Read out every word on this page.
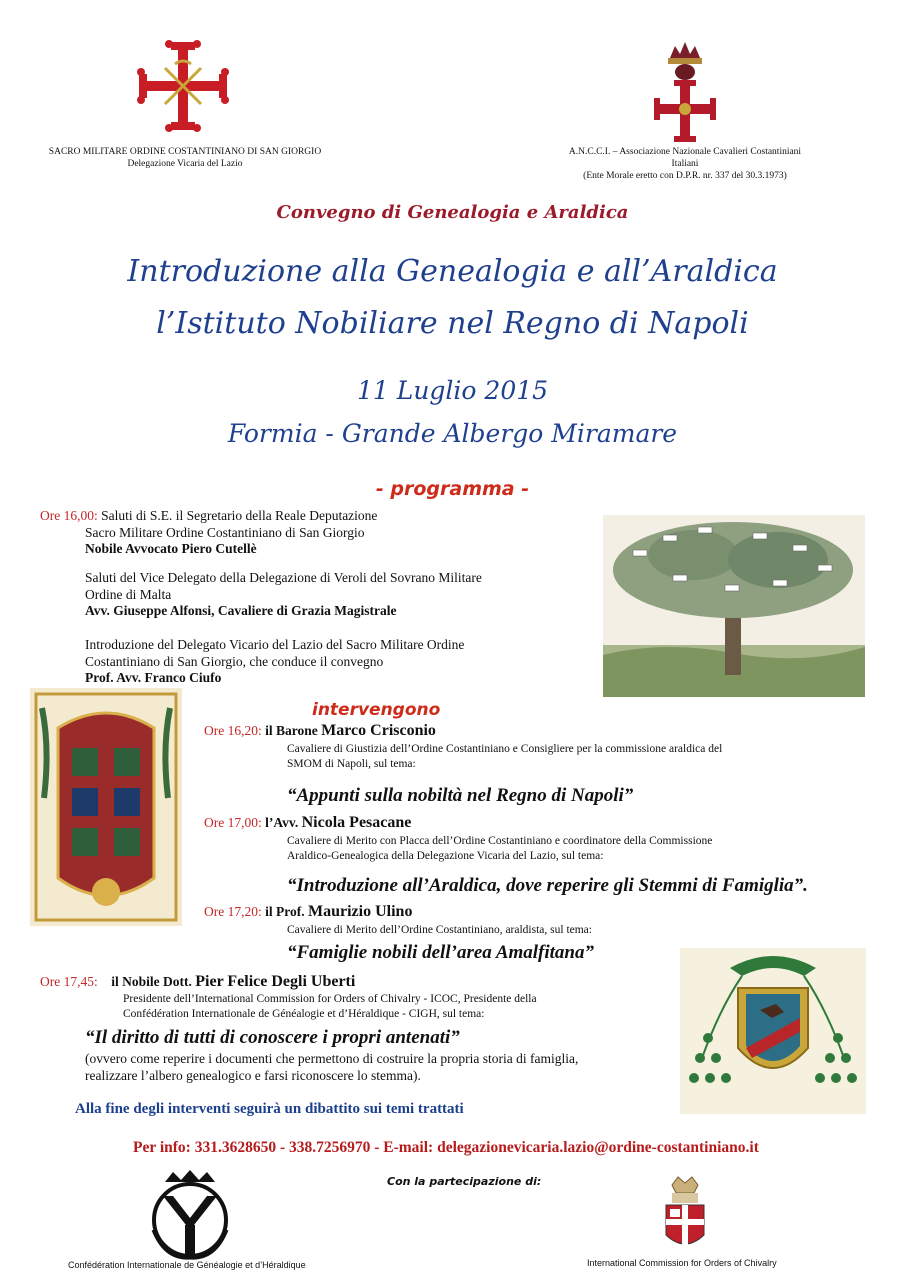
SACRO MILITARE ORDINE COSTANTINIANO DI SAN GIORGIO
Delegazione Vicaria del Lazio
A.N.C.C.I. – Associazione Nazionale Cavalieri Costantiniani Italiani
(Ente Morale eretto con D.P.R. nr. 337 del 30.3.1973)
Convegno di Genealogia e Araldica
Introduzione alla Genealogia e all’Araldica
l’Istituto Nobiliare nel Regno di Napoli
11 Luglio 2015
Formia - Grande Albergo Miramare
- programma -
Ore 16,00: Saluti di S.E. il Segretario della Reale Deputazione
Sacro Militare Ordine Costantiniano di San Giorgio
Nobile Avvocato Piero Cutellè
Saluti del Vice Delegato della Delegazione di Veroli del Sovrano Militare
Ordine di Malta
Avv. Giuseppe Alfonsi, Cavaliere di Grazia Magistrale
Introduzione del Delegato Vicario del Lazio del Sacro Militare Ordine
Costantiniano di San Giorgio, che conduce il convegno
Prof. Avv. Franco Ciufo
intervengono
Ore 16,20: il Barone Marco Crisconio
Cavaliere di Giustizia dell’Ordine Costantiniano e Consigliere per la commissione araldica del
SMOM di Napoli, sul tema:
“Appunti sulla nobiltà nel Regno di Napoli”
Ore 17,00: l’Avv. Nicola Pesacane
Cavaliere di Merito con Placca dell’Ordine Costantiniano e coordinatore della Commissione
Araldico-Genealogica della Delegazione Vicaria del Lazio, sul tema:
“Introduzione all’Araldica, dove reperire gli Stemmi di Famiglia”.
Ore 17,20: il Prof. Maurizio Ulino
Cavaliere di Merito dell’Ordine Costantiniano, araldista, sul tema:
“Famiglie nobili dell’area Amalfitana”
Ore 17,45: il Nobile Dott. Pier Felice Degli Uberti
Presidente dell’International Commission for Orders of Chivalry - ICOC, Presidente della
Confédération Internationale de Généalogie et d’Héraldique - CIGH, sul tema:
“Il diritto di tutti di conoscere i propri antenati”
(ovvero come reperire i documenti che permettono di costruire la propria storia di famiglia,
realizzare l’albero genealogico e farsi riconoscere lo stemma).
Alla fine degli interventi seguirà un dibattito sui temi trattati
Per info: 331.3628650 - 338.7256970 - E-mail: delegazionevicaria.lazio@ordine-costantiniano.it
Con la partecipazione di:
Confédération Internationale de Généalogie et d’Héraldique	International Commission for Orders of Chivalry
